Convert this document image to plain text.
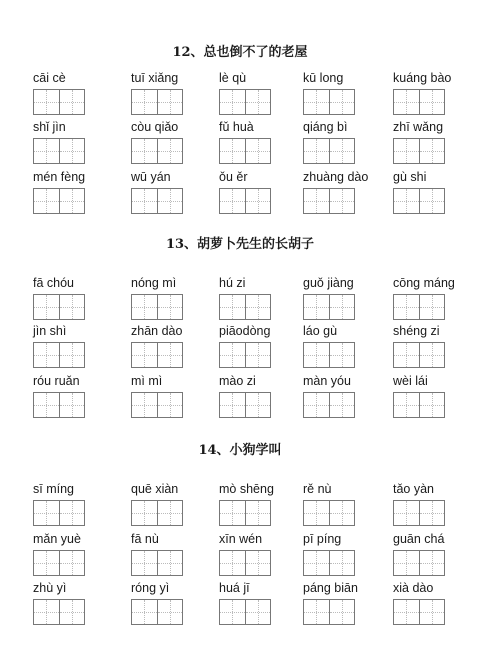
12、总也倒不了的老屋
13、胡萝卜先生的长胡子
14、小狗学叫
cāi cè	tuī xiǎng	lè qù	kū long	kuáng bào
shǐ jìn	còu qiǎo	fǔ huà	qiáng bì	zhī wǎng
mén fèng	wū yán	ǒu ěr	zhuàng dào	gù shi
fā chóu	nóng mì	hú zi	guǒ jiàng	cōng máng
jìn shì	zhān dào	piāodòng	láo gù	shéng zi
róu ruǎn	mì mì	mào zi	màn yóu	wèi lái
sī míng	quē xiàn	mò shēng	rě nù	tǎo yàn
mǎn yuè	fā nù	xīn wén	pī píng	guān chá
zhù yì	róng yì	huá jī	páng biān	xià dào
